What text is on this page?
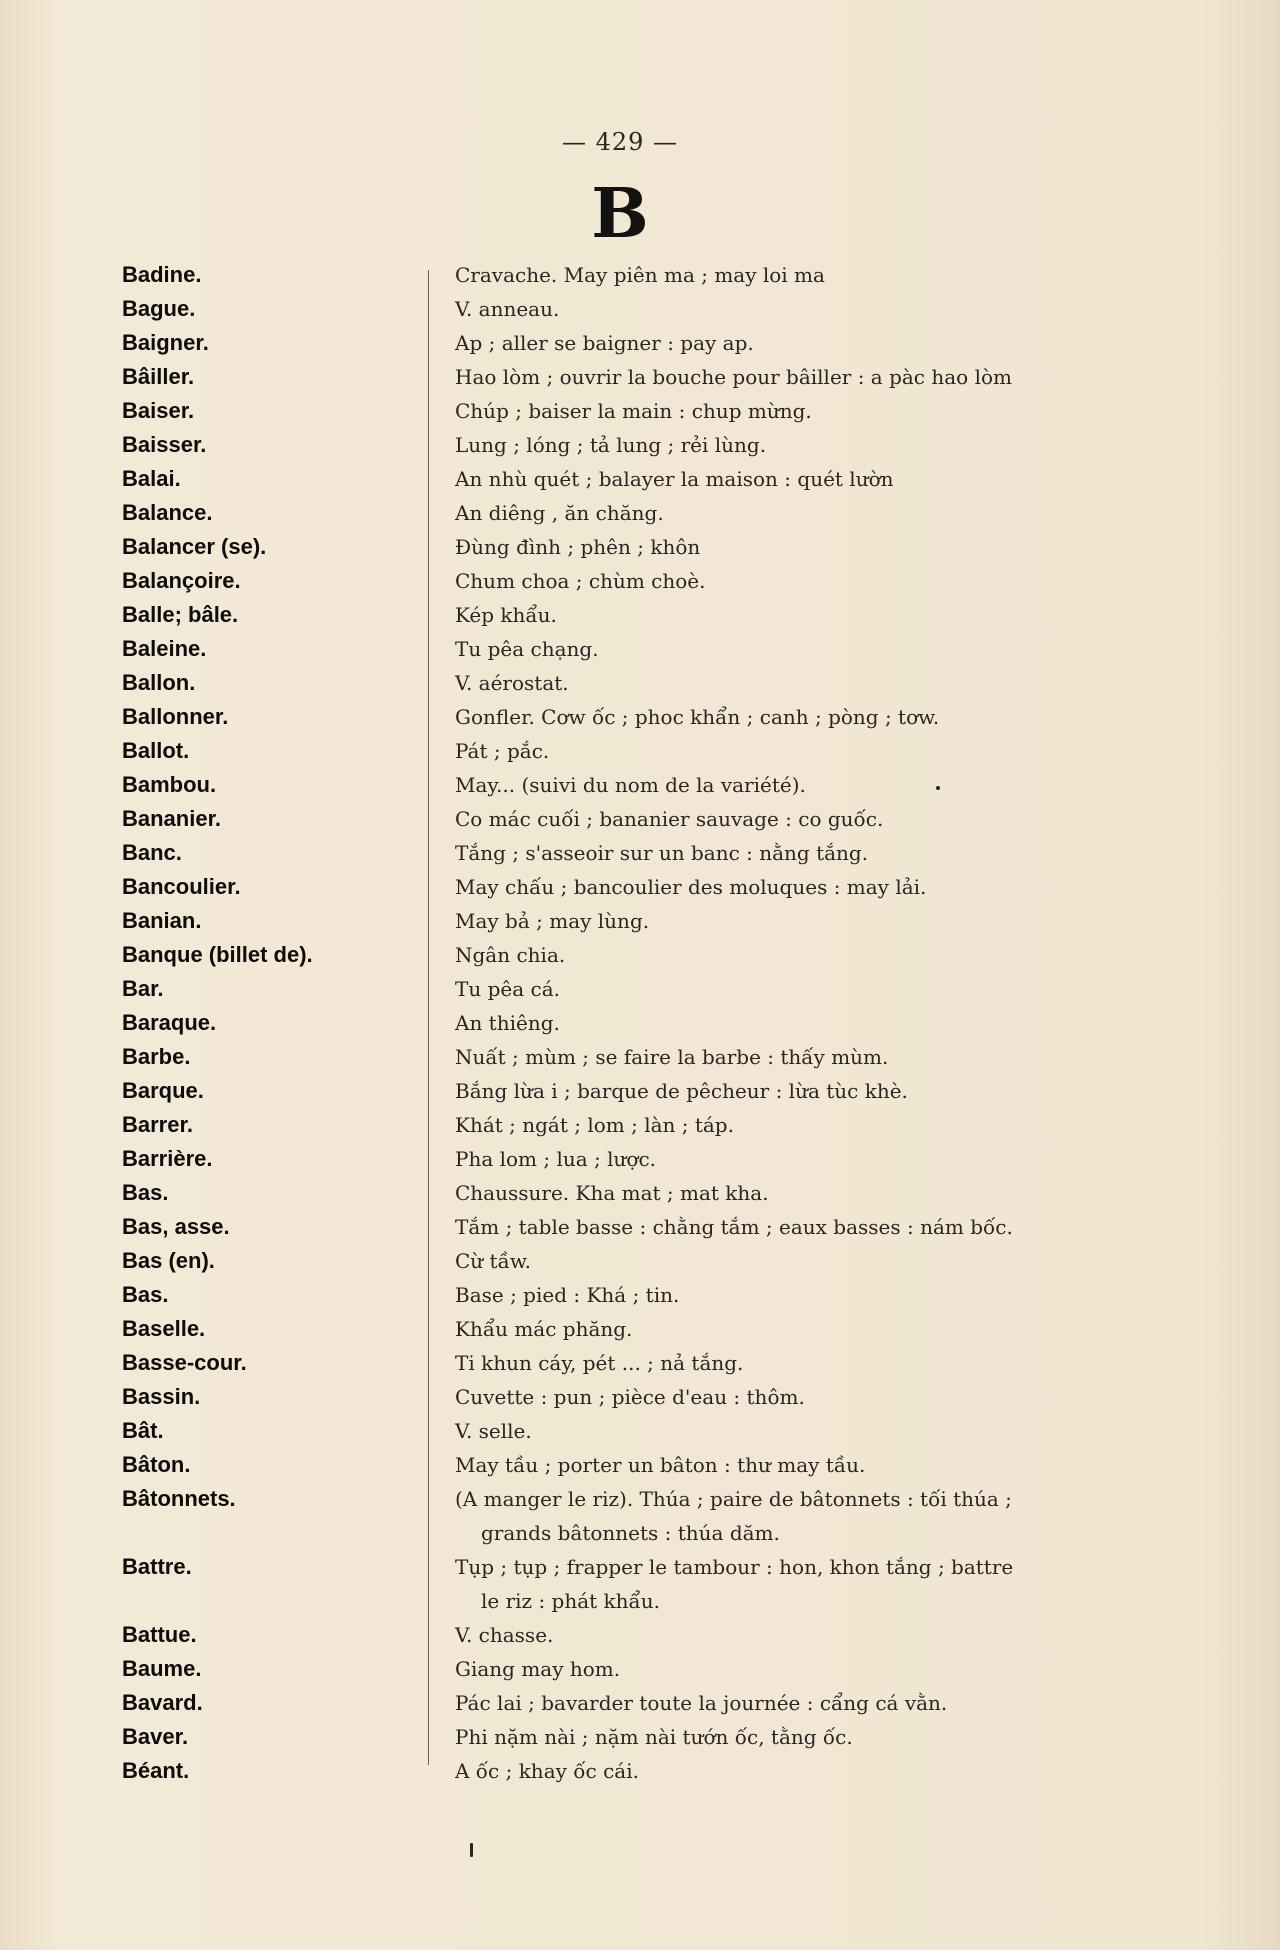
— 429 —
B
Badine.	Cravache. May piên ma ; may loi ma
Bague.	V. anneau.
Baigner.	Ap ; aller se baigner : pay ap.
Bâiller.	Hao lòm ; ouvrir la bouche pour bâiller : a pàc hao lòm
Baiser.	Chúp ; baiser la main : chup mừng.
Baisser.	Lung ; lóng ; tả lung ; rẻi lùng.
Balai.	An nhù quét ; balayer la maison : quét lườn
Balance.	An diêng , ăn chăng.
Balancer (se).	Đùng đình ; phên ; khôn
Balançoire.	Chum choa ; chùm choè.
Balle; bâle.	Kép khẩu.
Baleine.	Tu pêa chạng.
Ballon.	V. aérostat.
Ballonner.	Gonfler. Cơw ốc ; phoc khẩn ; canh ; pòng ; tơw.
Ballot.	Pát ; pắc.
Bambou.	May... (suivi du nom de la variété).
Bananier.	Co mác cuối ; bananier sauvage : co guốc.
Banc.	Tắng ; s'asseoir sur un banc : nằng tắng.
Bancoulier.	May chấu ; bancoulier des moluques : may lải.
Banian.	May bả ; may lùng.
Banque (billet de).	Ngân chia.
Bar.	Tu pêa cá.
Baraque.	An thiêng.
Barbe.	Nuất ; mùm ; se faire la barbe : thấy mùm.
Barque.	Bắng lừa i ; barque de pêcheur : lừa tùc khè.
Barrer.	Khát ; ngát ; lom ; làn ; táp.
Barrière.	Pha lom ; lua ; lược.
Bas.	Chaussure. Kha mat ; mat kha.
Bas, asse.	Tắm ; table basse : chằng tắm ; eaux basses : nám bốc.
Bas (en).	Cừ tầw.
Bas.	Base ; pied : Khá ; tin.
Baselle.	Khẩu mác phăng.
Basse-cour.	Ti khun cáy, pét ... ; nả tắng.
Bassin.	Cuvette : pun ; pièce d'eau : thôm.
Bât.	V. selle.
Bâton.	May tầu ; porter un bâton : thư may tầu.
Bâtonnets.	(A manger le riz). Thúa ; paire de bâtonnets : tối thúa ;
grands bâtonnets : thúa dăm.
Battre.	Tụp ; tụp ; frapper le tambour : hon, khon tắng ; battre
le riz : phát khẩu.
Battue.	V. chasse.
Baume.	Giang may hom.
Bavard.	Pác lai ; bavarder toute la journée : cẩng cá vằn.
Baver.	Phi nặm nài ; nặm nài tướn ốc, tằng ốc.
Béant.	A ốc ; khay ốc cái.
